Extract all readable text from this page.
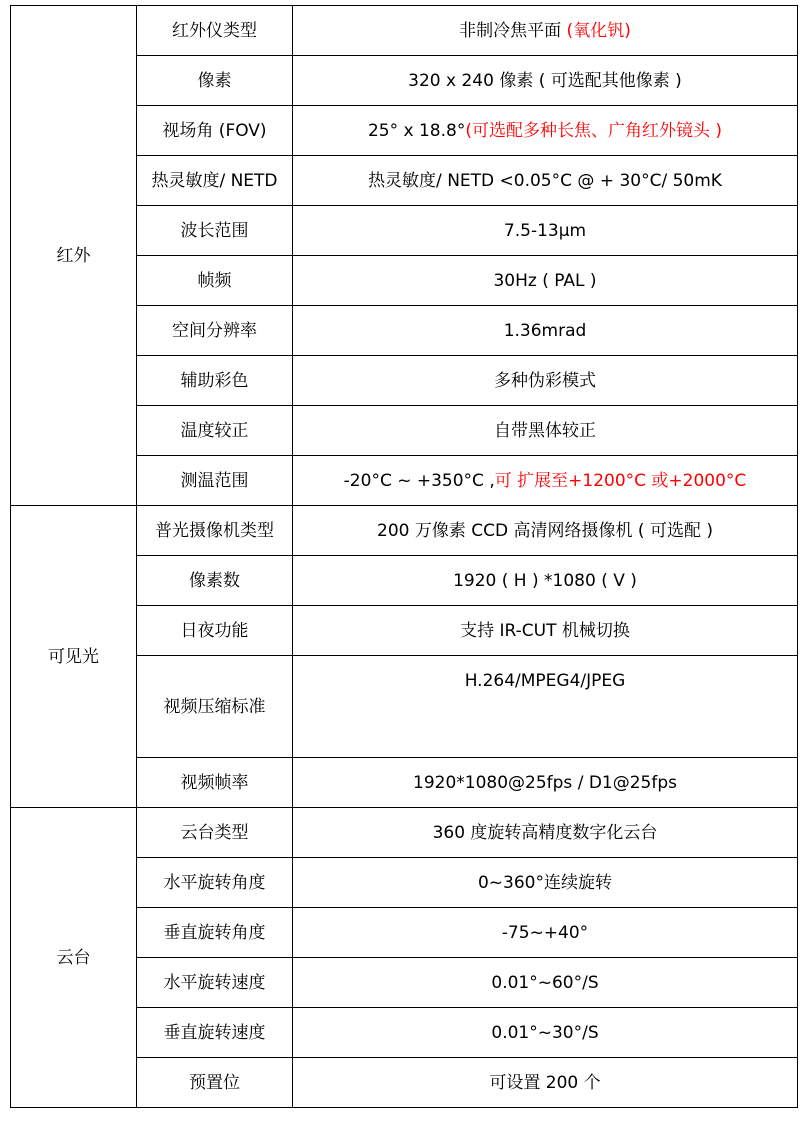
红外	红外仪类型	非制冷焦平面 (氧化钒)
	像素	320 x 240 像素 ( 可选配其他像素 )
	视场角 (FOV)	25° x 18.8°(可选配多种长焦、广角红外镜头 )
	热灵敏度/ NETD	热灵敏度/ NETD <0.05°C @ + 30°C/ 50mK
	波长范围	7.5-13μm
	帧频	30Hz ( PAL )
	空间分辨率	1.36mrad
	辅助彩色	多种伪彩模式
	温度较正	自带黑体较正
	测温范围	-20°C ~ +350°C ,可 扩展至+1200°C 或+2000°C
可见光	普光摄像机类型	200 万像素 CCD 高清网络摄像机 ( 可选配 )
	像素数	1920 ( H ) *1080 ( V )
	日夜功能	支持 IR-CUT 机械切换
	视频压缩标准	H.264/MPEG4/JPEG
	视频帧率	1920*1080@25fps / D1@25fps
云台	云台类型	360 度旋转高精度数字化云台
	水平旋转角度	0~360°连续旋转
	垂直旋转角度	-75~+40°
	水平旋转速度	0.01°~60°/S
	垂直旋转速度	0.01°~30°/S
	预置位	可设置 200 个
